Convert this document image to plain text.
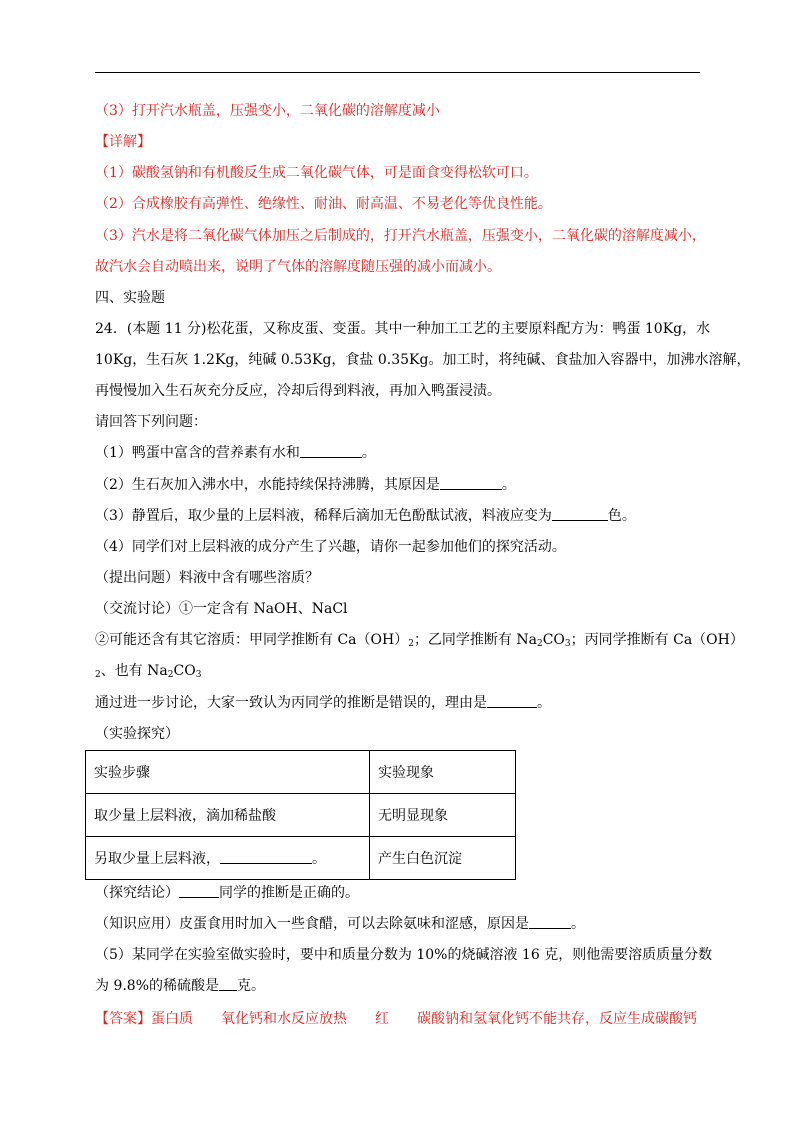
（3）打开汽水瓶盖，压强变小，二氧化碳的溶解度减小
【详解】
（1）碳酸氢钠和有机酸反生成二氧化碳气体，可是面食变得松软可口。
（2）合成橡胶有高弹性、绝缘性、耐油、耐高温、不易老化等优良性能。
（3）汽水是将二氧化碳气体加压之后制成的，打开汽水瓶盖，压强变小，二氧化碳的溶解度减小，
故汽水会自动喷出来，说明了气体的溶解度随压强的减小而减小。
四、实验题
24．(本题 11 分)松花蛋，又称皮蛋、变蛋。其中一种加工工艺的主要原料配方为：鸭蛋 10Kg，水
10Kg，生石灰 1.2Kg，纯碱 0.53Kg，食盐 0.35Kg。加工时，将纯碱、食盐加入容器中，加沸水溶解，
再慢慢加入生石灰充分反应，冷却后得到料液，再加入鸭蛋浸渍。
请回答下列问题：
（1）鸭蛋中富含的营养素有水和	。
（2）生石灰加入沸水中，水能持续保持沸腾，其原因是	。
（3）静置后，取少量的上层料液，稀释后滴加无色酚酞试液，料液应变为	色。
（4）同学们对上层料液的成分产生了兴趣，请你一起参加他们的探究活动。
（提出问题）料液中含有哪些溶质？
（交流讨论）①一定含有 NaOH、NaCl
②可能还含有其它溶质：甲同学推断有 $Ca(OH)_2$；乙同学推断有 $Na_2CO_3$；丙同学推断有 Ca（OH）
$_2$、也有 $Na_2CO_3$
通过进一步讨论，大家一致认为丙同学的推断是错误的，理由是	。
（实验探究）
实验步骤	实验现象
取少量上层料液，滴加稀盐酸	无明显现象
另取少量上层料液， 。	产生白色沉淀
（探究结论）	同学的推断是正确的。
（知识应用）皮蛋食用时加入一些食醋，可以去除氨味和涩感，原因是	。
（5）某同学在实验室做实验时，要中和质量分数为 10%的烧碱溶液 16 克，则他需要溶质质量分数
为 9.8%的稀硫酸是 克。
【答案】蛋白质 氧化钙和水反应放热 红 碳酸钠和氢氧化钙不能共存，反应生成碳酸钙
